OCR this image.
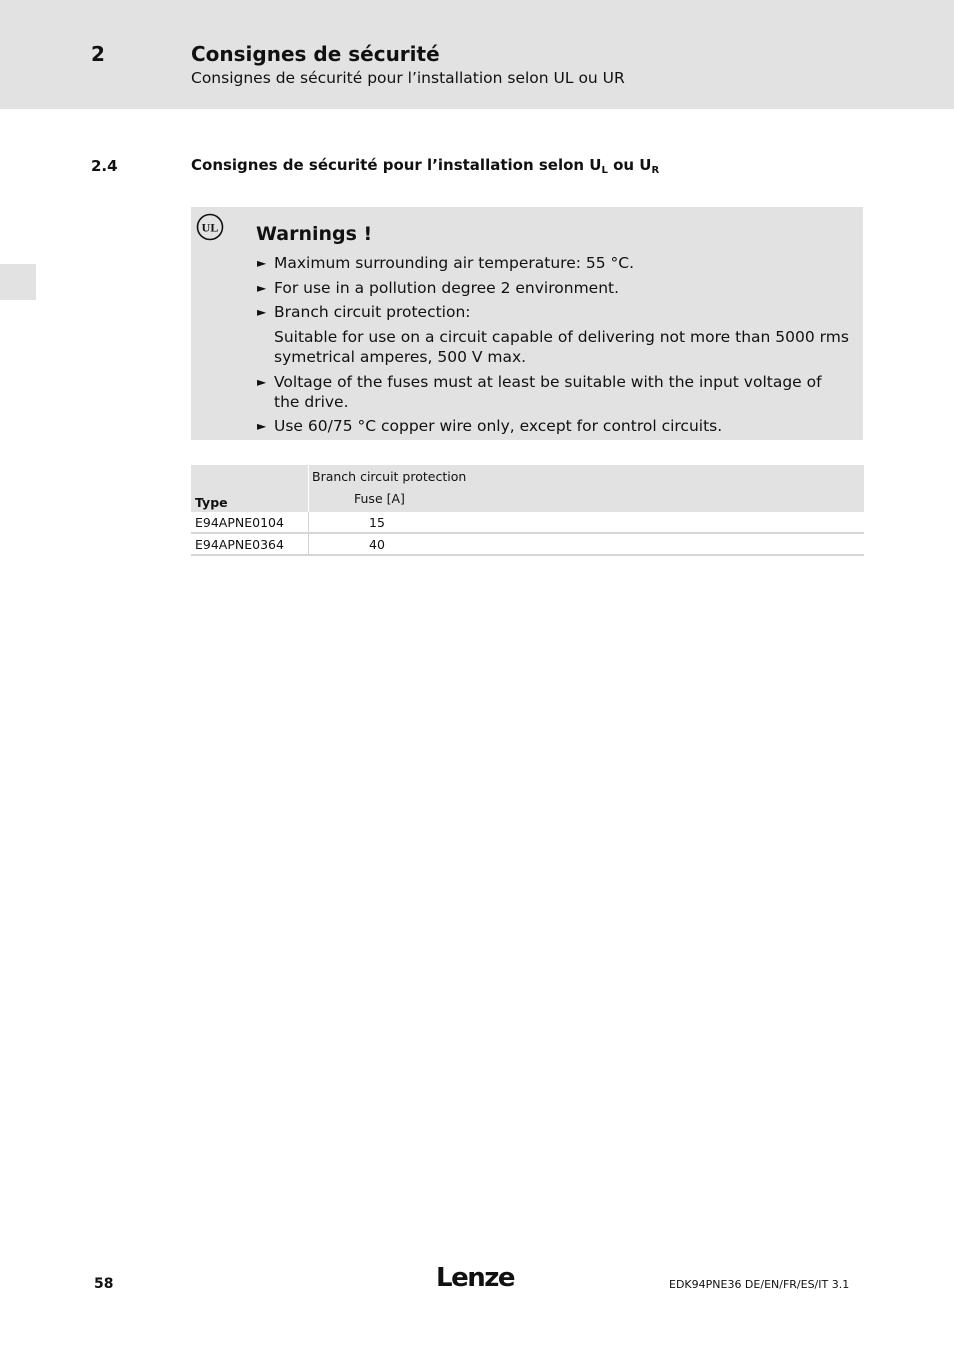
2	Consignes de sécurité
Consignes de sécurité pour l’installation selon UL ou UR
2.4	Consignes de sécurité pour l’installation selon $U_L$ ou $U_R$
UL Warnings !
► Maximum surrounding air temperature: 55 °C.
► For use in a pollution degree 2 environment.
► Branch circuit protection:
Suitable for use on a circuit capable of delivering not more than 5000 rms symetrical amperes, 500 V max.
► Voltage of the fuses must at least be suitable with the input voltage of the drive.
► Use 60/75 °C copper wire only, except for control circuits.
Type	Branch circuit protection
	Fuse [A]
E94APNE0104	15
E94APNE0364	40
58	Lenze	EDK94PNE36 DE/EN/FR/ES/IT 3.1
